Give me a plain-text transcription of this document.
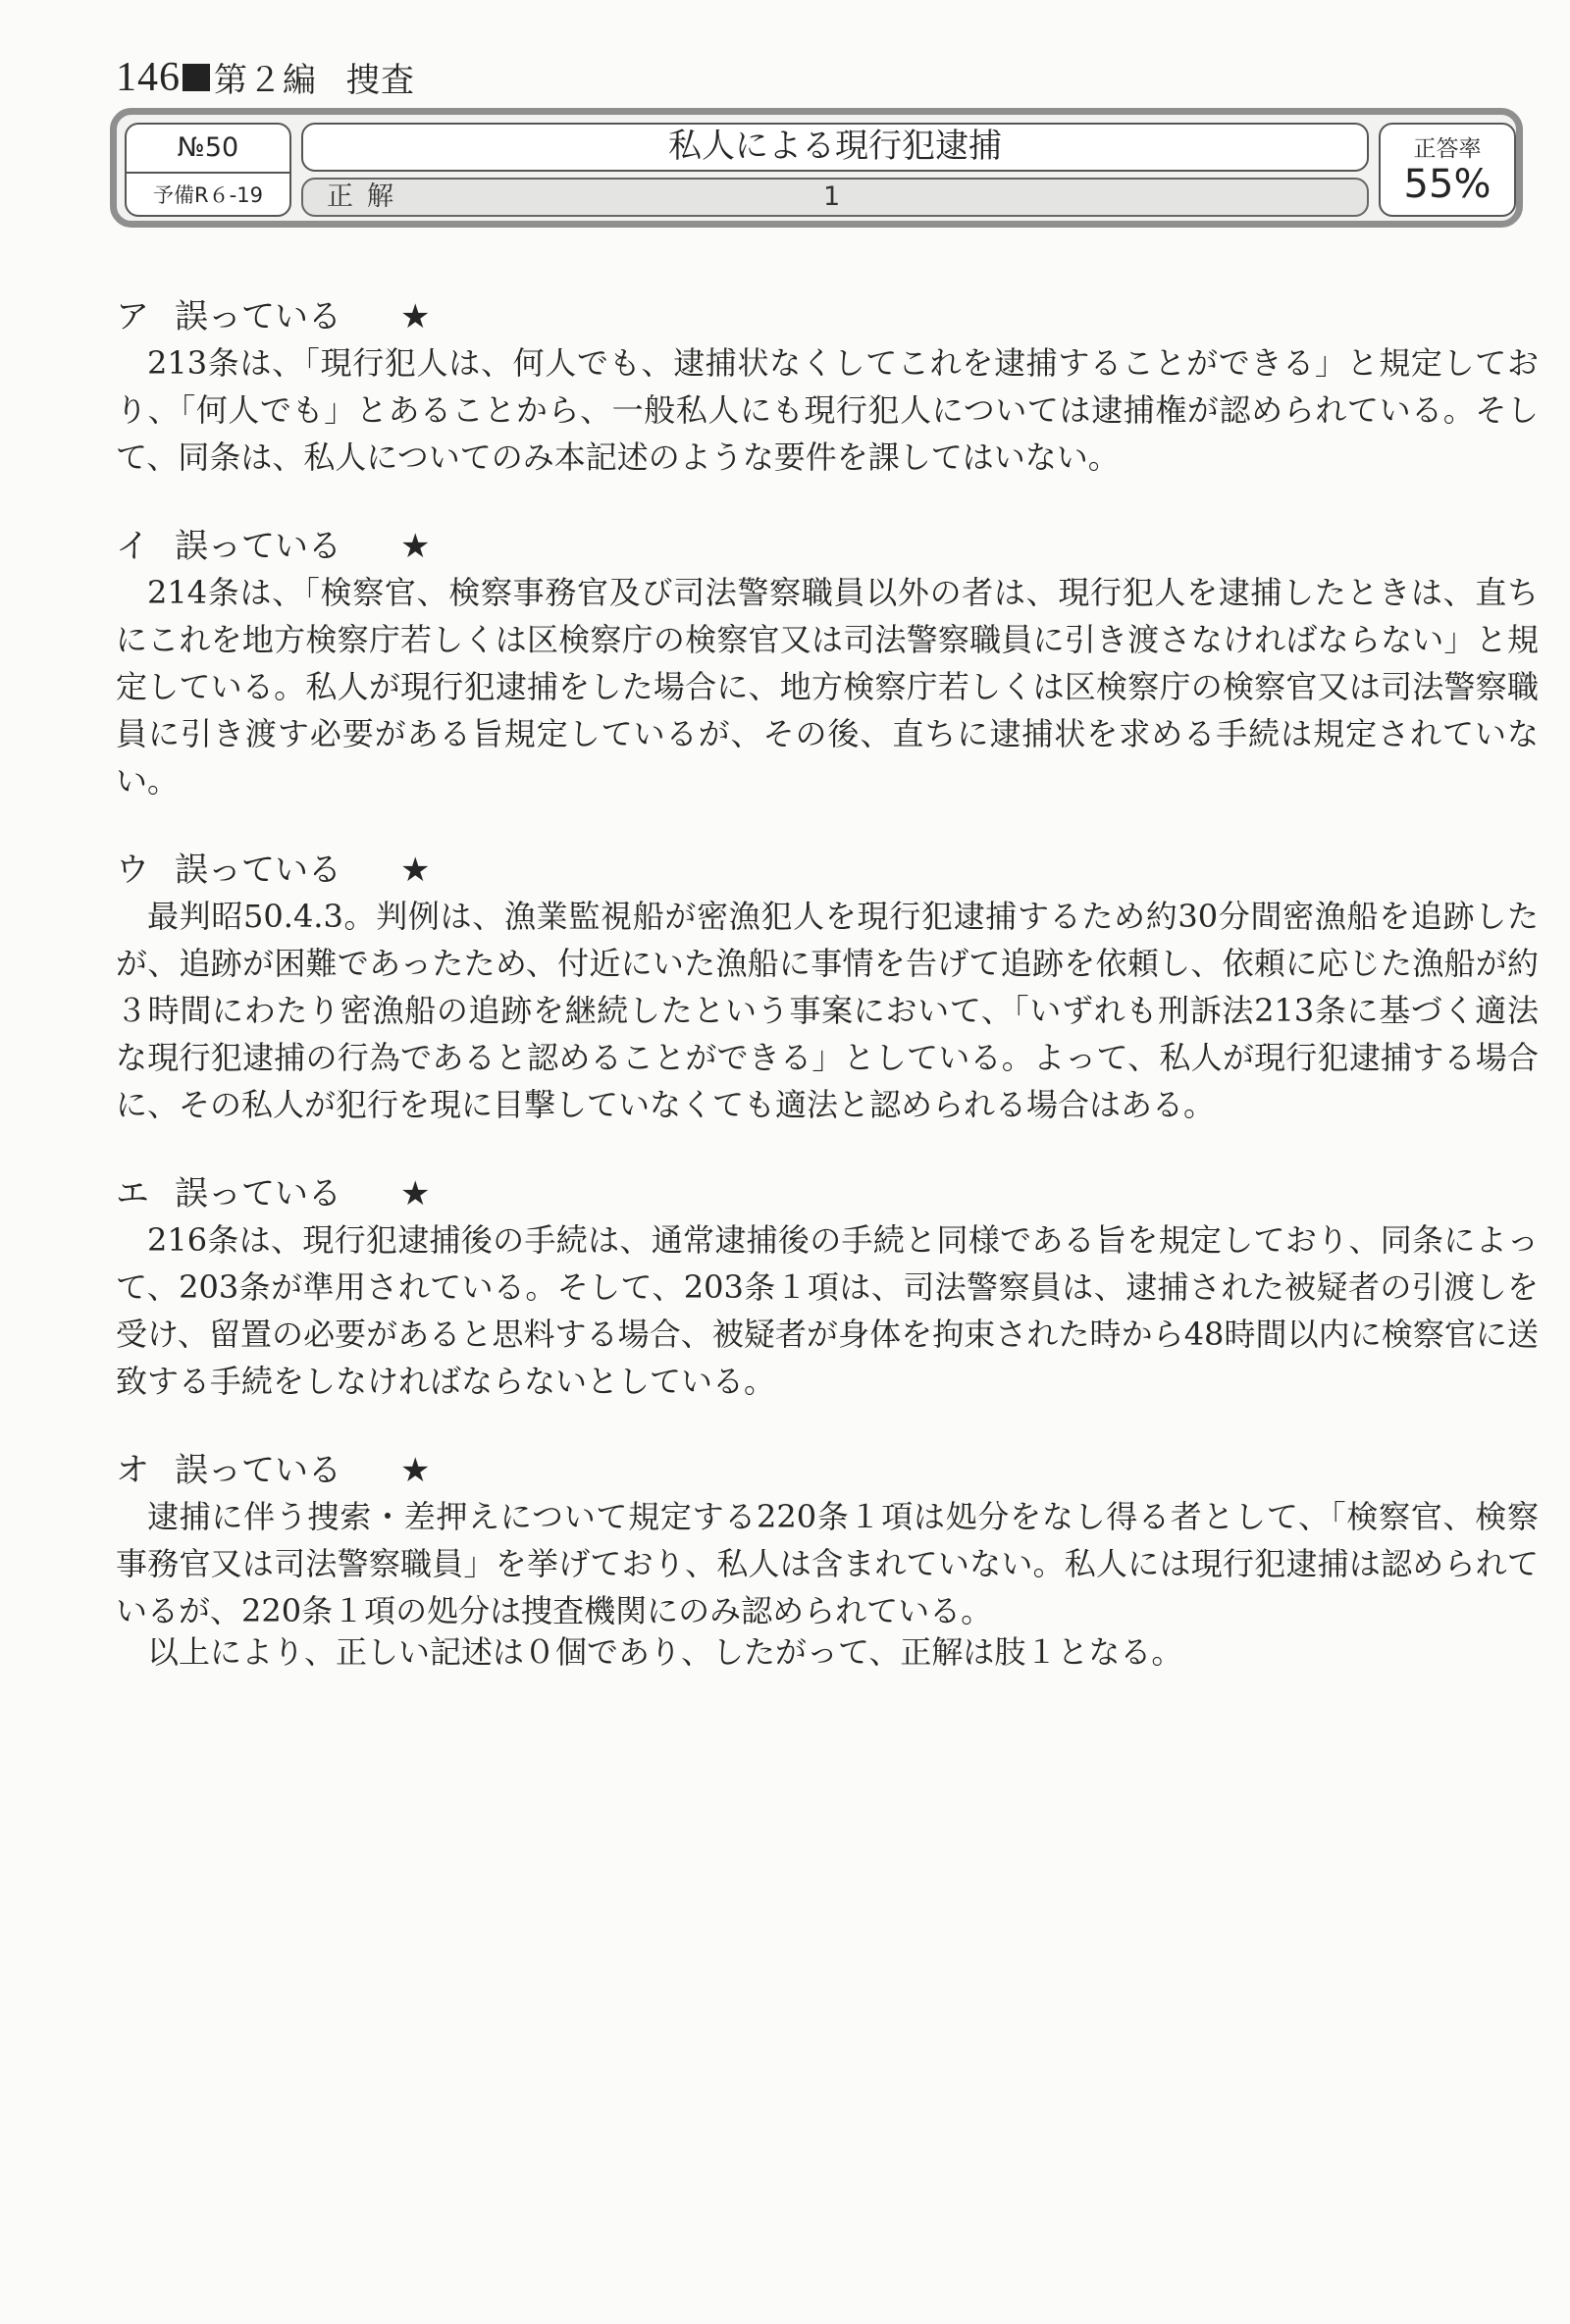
146 第２編 捜査
№50
予備R６-19
私人による現行犯逮捕
正解	1
正答率
55%
ア 誤っている	★

213条は、「現行犯人は、何人でも、逮捕状なくしてこれを逮捕することができる」と規定しており、「何人でも」とあることから、一般私人にも現行犯人については逮捕権が認められている。そして、同条は、私人についてのみ本記述のような要件を課してはいない。

イ 誤っている	★

214条は、「検察官、検察事務官及び司法警察職員以外の者は、現行犯人を逮捕したときは、直ちにこれを地方検察庁若しくは区検察庁の検察官又は司法警察職員に引き渡さなければならない」と規定している。私人が現行犯逮捕をした場合に、地方検察庁若しくは区検察庁の検察官又は司法警察職員に引き渡す必要がある旨規定しているが、その後、直ちに逮捕状を求める手続は規定されていない。

ウ 誤っている	★

最判昭50.4.3。判例は、漁業監視船が密漁犯人を現行犯逮捕するため約30分間密漁船を追跡したが、追跡が困難であったため、付近にいた漁船に事情を告げて追跡を依頼し、依頼に応じた漁船が約３時間にわたり密漁船の追跡を継続したという事案において、「いずれも刑訴法213条に基づく適法な現行犯逮捕の行為であると認めることができる」としている。よって、私人が現行犯逮捕する場合に、その私人が犯行を現に目撃していなくても適法と認められる場合はある。

エ 誤っている	★

216条は、現行犯逮捕後の手続は、通常逮捕後の手続と同様である旨を規定しており、同条によって、203条が準用されている。そして、203条１項は、司法警察員は、逮捕された被疑者の引渡しを受け、留置の必要があると思料する場合、被疑者が身体を拘束された時から48時間以内に検察官に送致する手続をしなければならないとしている。

オ 誤っている	★

逮捕に伴う捜索・差押えについて規定する220条１項は処分をなし得る者として、「検察官、検察事務官又は司法警察職員」を挙げており、私人は含まれていない。私人には現行犯逮捕は認められているが、220条１項の処分は捜査機関にのみ認められている。

以上により、正しい記述は０個であり、したがって、正解は肢１となる。
